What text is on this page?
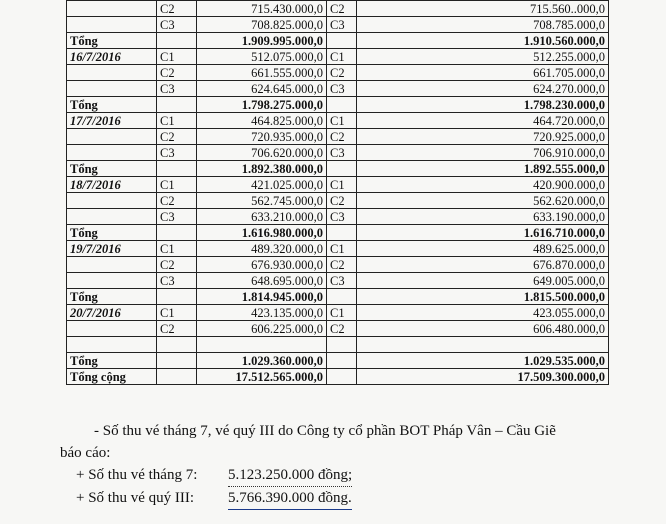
	C2	715.430.000,0	C2	715.560..000,0
	C3	708.825.000,0	C3	708.785.000,0
Tổng		1.909.995.000,0		1.910.560.000,0
16/7/2016	C1	512.075.000,0	C1	512.255.000,0
	C2	661.555.000,0	C2	661.705.000,0
	C3	624.645.000,0	C3	624.270.000,0
Tổng		1.798.275.000,0		1.798.230.000,0
17/7/2016	C1	464.825.000,0	C1	464.720.000,0
	C2	720.935.000,0	C2	720.925.000,0
	C3	706.620.000,0	C3	706.910.000,0
Tổng		1.892.380.000,0		1.892.555.000,0
18/7/2016	C1	421.025.000,0	C1	420.900.000,0
	C2	562.745.000,0	C2	562.620.000,0
	C3	633.210.000,0	C3	633.190.000,0
Tổng		1.616.980.000,0		1.616.710.000,0
19/7/2016	C1	489.320.000,0	C1	489.625.000,0
	C2	676.930.000,0	C2	676.870.000,0
	C3	648.695.000,0	C3	649.005.000,0
Tổng		1.814.945.000,0		1.815.500.000,0
20/7/2016	C1	423.135.000,0	C1	423.055.000,0
	C2	606.225.000,0	C2	606.480.000,0

Tổng		1.029.360.000,0		1.029.535.000,0
Tổng cộng		17.512.565.000,0		17.509.300.000,0

- Số thu vé tháng 7, vé quý III do Công ty cổ phần BOT Pháp Vân – Cầu Giẽ

báo cáo:

+ Số thu vé tháng 7:	5.123.250.000 đồng;
+ Số thu vé quý III:	5.766.390.000 đồng.
